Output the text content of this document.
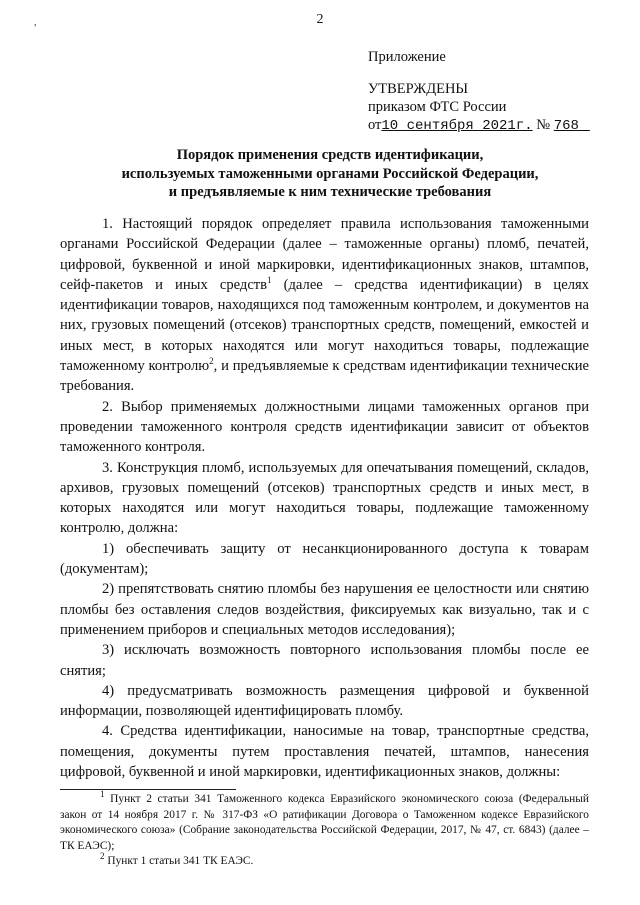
,	2
Приложение
УТВЕРЖДЕНЫ
приказом ФТС России
от10 сентября 2021г. № 768
Порядок применения средств идентификации,
используемых таможенными органами Российской Федерации,
и предъявляемые к ним технические требования

1. Настоящий порядок определяет правила использования таможенными органами Российской Федерации (далее – таможенные органы) пломб, печатей, цифровой, буквенной и иной маркировки, идентификационных знаков, штампов, сейф-пакетов и иных средств$^1$ (далее – средства идентификации) в целях идентификации товаров, находящихся под таможенным контролем, и документов на них, грузовых помещений (отсеков) транспортных средств, помещений, емкостей и иных мест, в которых находятся или могут находиться товары, подлежащие таможенному контролю$^2$, и предъявляемые к средствам идентификации технические требования.

2. Выбор применяемых должностными лицами таможенных органов при проведении таможенного контроля средств идентификации зависит от объектов таможенного контроля.

3. Конструкция пломб, используемых для опечатывания помещений, складов, архивов, грузовых помещений (отсеков) транспортных средств и иных мест, в которых находятся или могут находиться товары, подлежащие таможенному контролю, должна:

1) обеспечивать защиту от несанкционированного доступа к товарам (документам);

2) препятствовать снятию пломбы без нарушения ее целостности или снятию пломбы без оставления следов воздействия, фиксируемых как визуально, так и с применением приборов и специальных методов исследования);

3) исключать возможность повторного использования пломбы после ее снятия;

4) предусматривать возможность размещения цифровой и буквенной информации, позволяющей идентифицировать пломбу.

4. Средства идентификации, наносимые на товар, транспортные средства, помещения, документы путем проставления печатей, штампов, нанесения цифровой, буквенной и иной маркировки, идентификационных знаков, должны:

$^1$ Пункт 2 статьи 341 Таможенного кодекса Евразийского экономического союза (Федеральный закон от 14 ноября 2017 г. № 317-ФЗ «О ратификации Договора о Таможенном кодексе Евразийского экономического союза» (Собрание законодательства Российской Федерации, 2017, № 47, ст. 6843) (далее – ТК ЕАЭС);

$^2$ Пункт 1 статьи 341 ТК ЕАЭС.
